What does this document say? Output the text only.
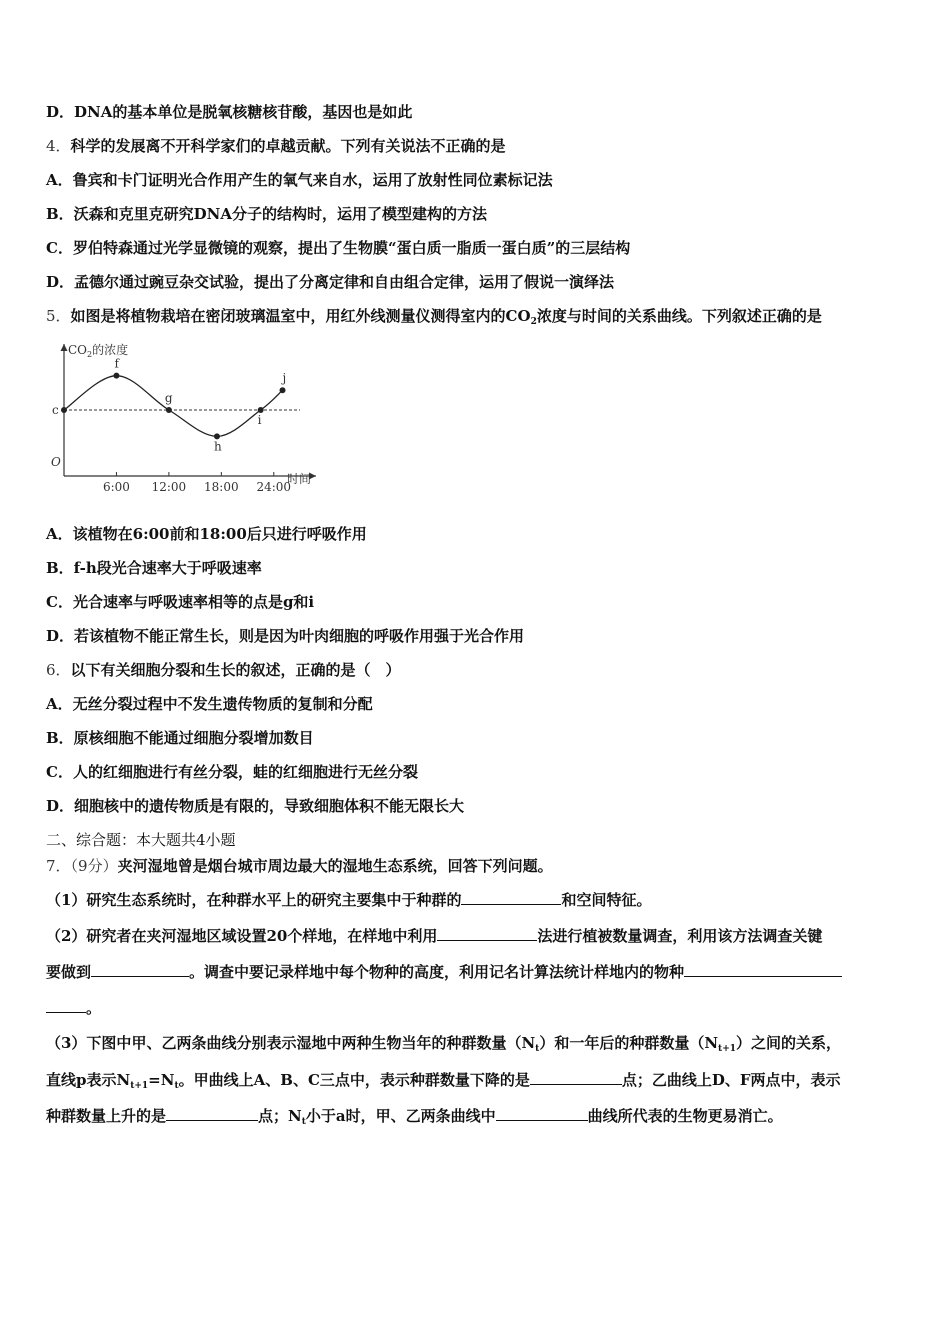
D．DNA的基本单位是脱氧核糖核苷酸，基因也是如此
4．科学的发展离不开科学家们的卓越贡献。下列有关说法不正确的是
A．鲁宾和卡门证明光合作用产生的氧气来自水，运用了放射性同位素标记法
B．沃森和克里克研究DNA分子的结构时，运用了模型建构的方法
C．罗伯特森通过光学显微镜的观察，提出了生物膜“蛋白质一脂质一蛋白质”的三层结构
D．孟德尔通过豌豆杂交试验，提出了分离定律和自由组合定律，运用了假说一演绎法
5．如图是将植物栽培在密闭玻璃温室中，用红外线测量仪测得室内的$CO_2$浓度与时间的关系曲线。下列叙述正确的是
$CO_2$的浓度
时间
O
6:00 12:00 18:00 24:00
c
f
g
h
i
j
A．该植物在6:00前和18:00后只进行呼吸作用
B．f-h段光合速率大于呼吸速率
C．光合速率与呼吸速率相等的点是g和i
D．若该植物不能正常生长，则是因为叶肉细胞的呼吸作用强于光合作用
6．以下有关细胞分裂和生长的叙述，正确的是（　）
A．无丝分裂过程中不发生遗传物质的复制和分配
B．原核细胞不能通过细胞分裂增加数目
C．人的红细胞进行有丝分裂，蛙的红细胞进行无丝分裂
D．细胞核中的遗传物质是有限的，导致细胞体积不能无限长大
二、综合题：本大题共4小题
7．（9分）夹河湿地曾是烟台城市周边最大的湿地生态系统，回答下列问题。
（1）研究生态系统时，在种群水平上的研究主要集中于种群的	和空间特征。
（2）研究者在夹河湿地区域设置20个样地，在样地中利用	法进行植被数量调查，利用该方法调查关键
要做到	。调查中要记录样地中每个物种的高度，利用记名计算法统计样地内的物种
。
（3）下图中甲、乙两条曲线分别表示湿地中两种生物当年的种群数量$(N_t)$和一年后的种群数量$(N_{t+1})$之间的关系，
直线p表示$N_{t+1}=N_t$。甲曲线上A、B、C三点中，表示种群数量下降的是	点；乙曲线上D、F两点中，表示
种群数量上升的是	点；$N_t$小于a时，甲、乙两条曲线中	曲线所代表的生物更易消亡。
